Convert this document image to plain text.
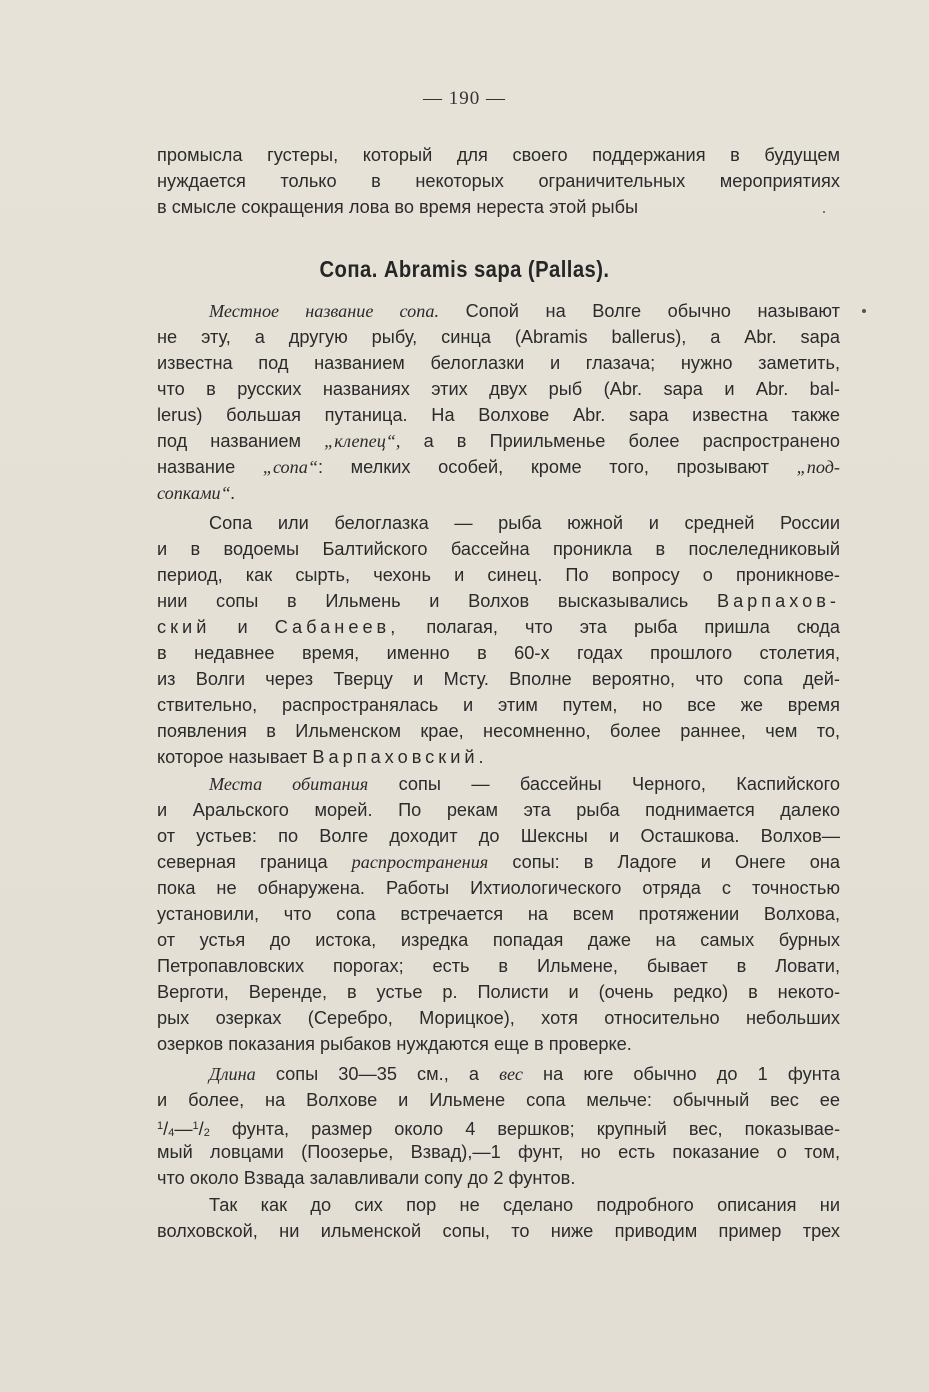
— 190 —
промысла густеры, который для своего поддержания в будущем
нуждается только в некоторых ограничительных мероприятиях
в смысле сокращения лова во время нереста этой рыбы
Сопа. Abramis sapa (Pallas).
Местное название сопа. Сопой на Волге обычно называют
не эту, а другую рыбу, синца (Abramis ballerus), а Abr. sapa
известна под названием белоглазки и глазача; нужно заметить,
что в русских названиях этих двух рыб (Abr. sapa и Abr. bal-
lerus) большая путаница. На Волхове Abr. sapa известна также
под названием „клепец“, а в Приильменье более распространено
название „сопа“: мелких особей, кроме того, прозывают „под-
сопками“.
Сопа или белоглазка — рыба южной и средней России
и в водоемы Балтийского бассейна проникла в послеледниковый
период, как сырть, чехонь и синец. По вопросу о проникнове-
нии сопы в Ильмень и Волхов высказывались Варпахов-
ский и Сабанеев, полагая, что эта рыба пришла сюда
в недавнее время, именно в 60-х годах прошлого столетия,
из Волги через Тверцу и Мсту. Вполне вероятно, что сопа дей-
ствительно, распространялась и этим путем, но все же время
появления в Ильменском крае, несомненно, более раннее, чем то,
которое называет Варпаховский.
Места обитания сопы — бассейны Черного, Каспийского
и Аральского морей. По рекам эта рыба поднимается далеко
от устьев: по Волге доходит до Шексны и Осташкова. Волхов—
северная граница распространения сопы: в Ладоге и Онеге она
пока не обнаружена. Работы Ихтиологического отряда с точностью
установили, что сопа встречается на всем протяжении Волхова,
от устья до истока, изредка попадая даже на самых бурных
Петропавловских порогах; есть в Ильмене, бывает в Ловати,
Верготи, Веренде, в устье р. Полисти и (очень редко) в некото-
рых озерках (Серебро, Морицкое), хотя относительно небольших
озерков показания рыбаков нуждаются еще в проверке.
Длина сопы 30—35 см., а вес на юге обычно до 1 фунта
и более, на Волхове и Ильмене сопа мельче: обычный вес ее
$^1$/4—$^1$/2 фунта, размер около 4 вершков; крупный вес, показывае-
мый ловцами (Поозерье, Взвад),—1 фунт, но есть показание о том,
что около Взвада залавливали сопу до 2 фунтов.
Так как до сих пор не сделано подробного описания ни
волховской, ни ильменской сопы, то ниже приводим пример трех
